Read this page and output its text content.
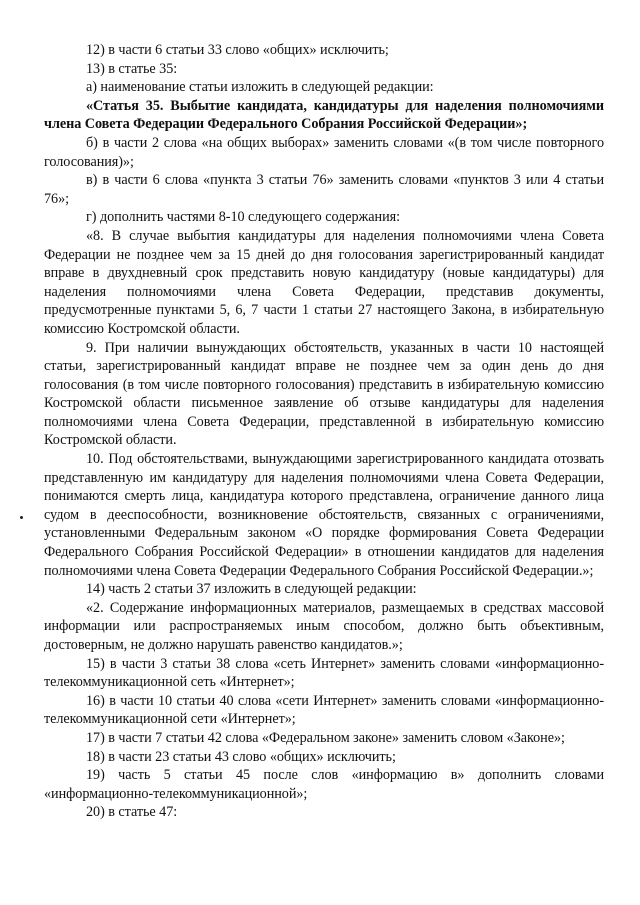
12) в части 6 статьи 33 слово «общих» исключить;

13) в статье 35:

а) наименование статьи изложить в следующей редакции:

«Статья 35. Выбытие кандидата, кандидатуры для наделения полномочиями члена Совета Федерации Федерального Собрания Российской Федерации»;

б) в части 2 слова «на общих выборах» заменить словами «(в том числе повторного голосования)»;

в) в части 6 слова «пункта 3 статьи 76» заменить словами «пунктов 3 или 4 статьи 76»;

г) дополнить частями 8-10 следующего содержания:

«8. В случае выбытия кандидатуры для наделения полномочиями члена Совета Федерации не позднее чем за 15 дней до дня голосования зарегистрированный кандидат вправе в двухдневный срок представить новую кандидатуру (новые кандидатуры) для наделения полномочиями члена Совета Федерации, представив документы, предусмотренные пунктами 5, 6, 7 части 1 статьи 27 настоящего Закона, в избирательную комиссию Костромской области.

9. При наличии вынуждающих обстоятельств, указанных в части 10 настоящей статьи, зарегистрированный кандидат вправе не позднее чем за один день до дня голосования (в том числе повторного голосования) представить в избирательную комиссию Костромской области письменное заявление об отзыве кандидатуры для наделения полномочиями члена Совета Федерации, представленной в избирательную комиссию Костромской области.

10. Под обстоятельствами, вынуждающими зарегистрированного кандидата отозвать представленную им кандидатуру для наделения полномочиями члена Совета Федерации, понимаются смерть лица, кандидатура которого представлена, ограничение данного лица судом в дееспособности, возникновение обстоятельств, связанных с ограничениями, установленными Федеральным законом «О порядке формирования Совета Федерации Федерального Собрания Российской Федерации» в отношении кандидатов для наделения полномочиями члена Совета Федерации Федерального Собрания Российской Федерации.»;

14) часть 2 статьи 37 изложить в следующей редакции:

«2. Содержание информационных материалов, размещаемых в средствах массовой информации или распространяемых иным способом, должно быть объективным, достоверным, не должно нарушать равенство кандидатов.»;

15) в части 3 статьи 38 слова «сеть Интернет» заменить словами «информационно-телекоммуникационной сеть «Интернет»;

16) в части 10 статьи 40 слова «сети Интернет» заменить словами «информационно-телекоммуникационной сети «Интернет»;

17) в части 7 статьи 42 слова «Федеральном законе» заменить словом «Законе»;

18) в части 23 статьи 43 слово «общих» исключить;

19) часть 5 статьи 45 после слов «информацию в» дополнить словами «информационно-телекоммуникационной»;

20) в статье 47:
